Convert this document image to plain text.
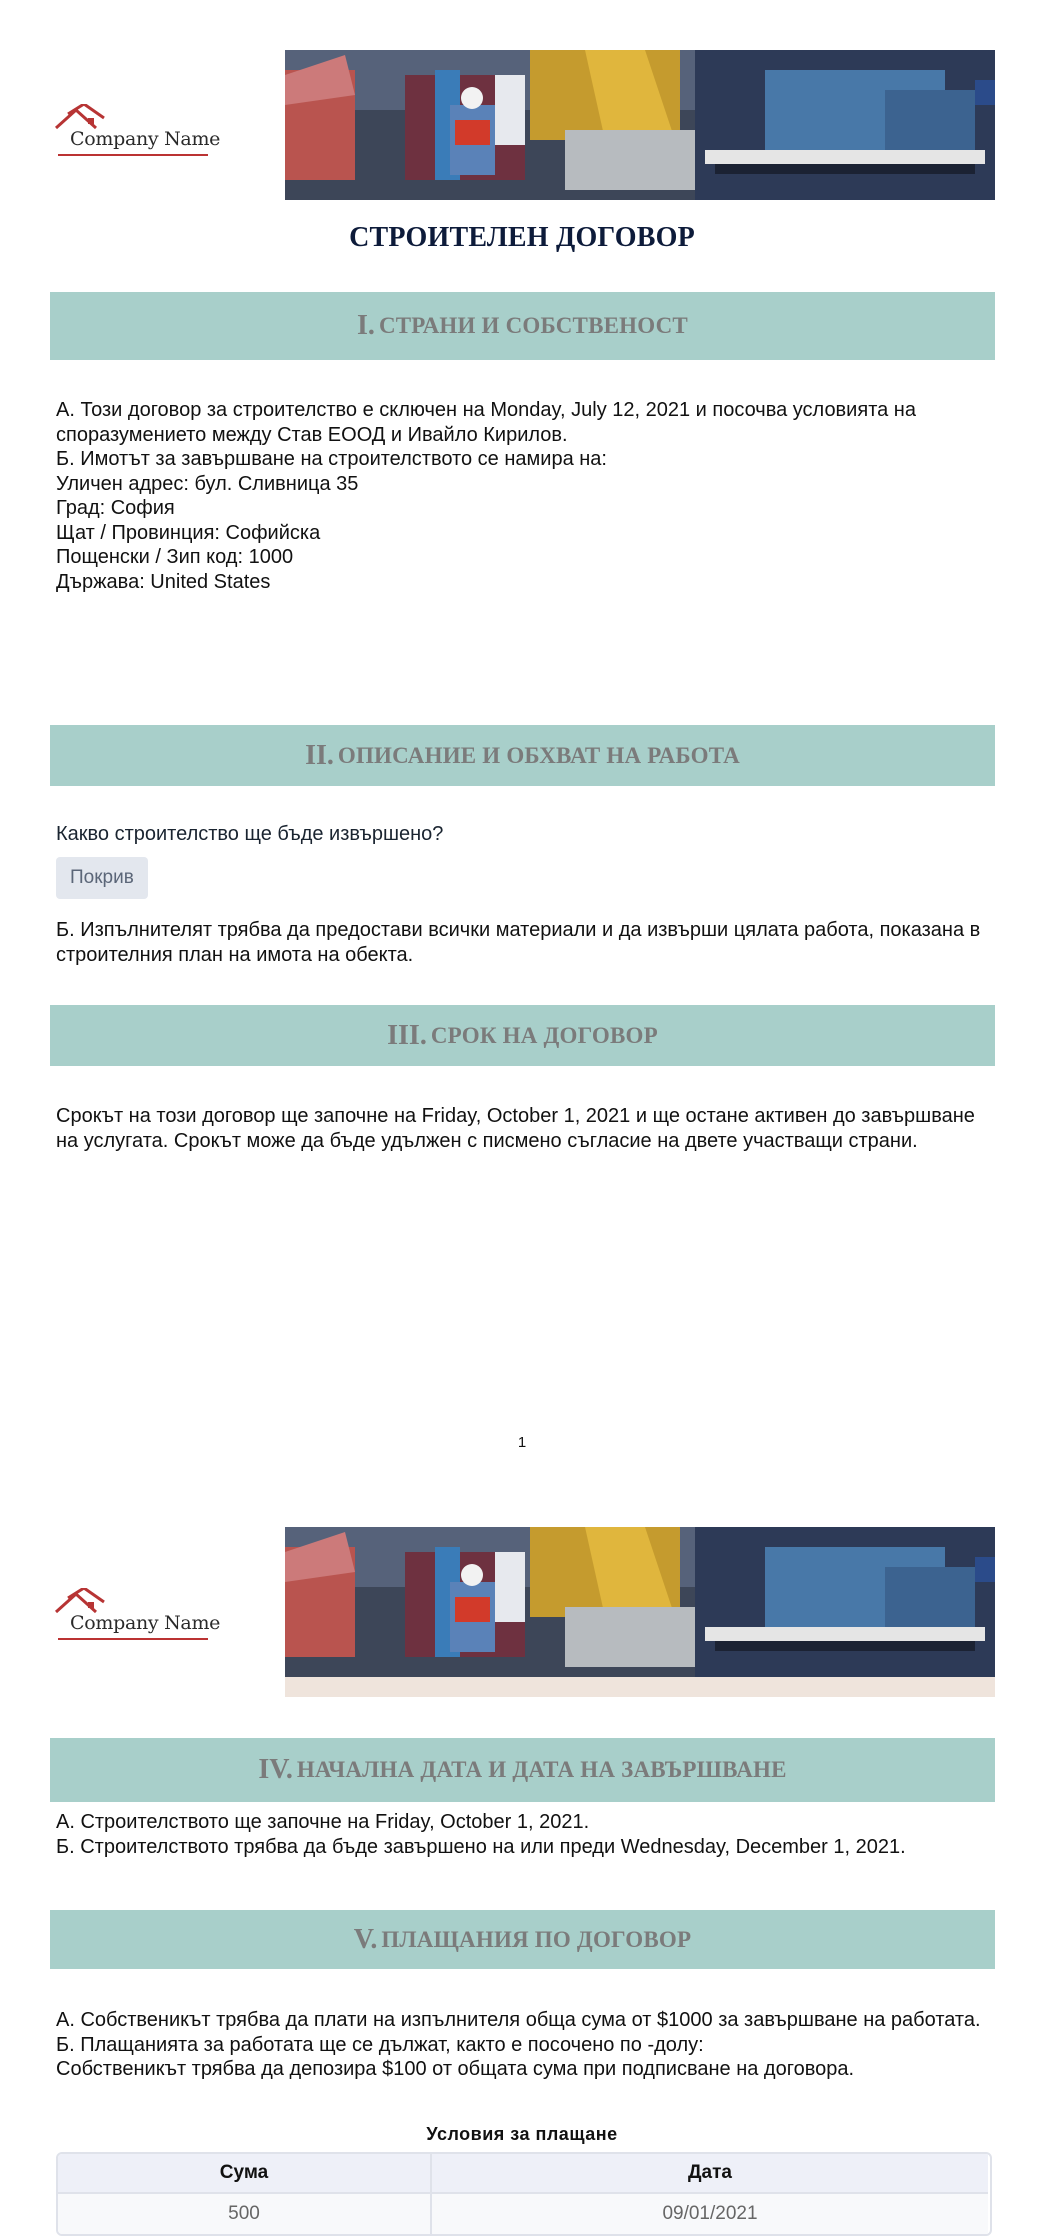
Company Name
СТРОИТЕЛЕН ДОГОВОР
I. СТРАНИ И СОБСТВЕНОСТ
А. Този договор за строителство е сключен на Monday, July 12, 2021 и посочва условията на споразумението между Став ЕООД и Ивайло Кирилов.
Б. Имотът за завършване на строителството се намира на:
Уличен адрес: бул. Сливница 35
Град: София
Щат / Провинция: Софийска
Пощенски / Зип код: 1000
Държава: United States
II. ОПИСАНИЕ И ОБХВАТ НА РАБОТА
Какво строителство ще бъде извършено?
Покрив
Б. Изпълнителят трябва да предостави всички материали и да извърши цялата работа, показана в строителния план на имота на обекта.
III. СРОК НА ДОГОВОР
Срокът на този договор ще започне на Friday, October 1, 2021 и ще остане активен до завършване на услугата. Срокът може да бъде удължен с писмено съгласие на двете участващи страни.
1
Company Name
IV. НАЧАЛНА ДАТА И ДАТА НА ЗАВЪРШВАНЕ
А. Строителството ще започне на Friday, October 1, 2021.
Б. Строителството трябва да бъде завършено на или преди Wednesday, December 1, 2021.
V. ПЛАЩАНИЯ ПО ДОГОВОР
А. Собственикът трябва да плати на изпълнителя обща сума от $1000 за завършване на работата.
Б. Плащанията за работата ще се дължат, както е посочено по -долу:
Собственикът трябва да депозира $100 от общата сума при подписване на договора.
Условия за плащане
Сума	Дата
500	09/01/2021
